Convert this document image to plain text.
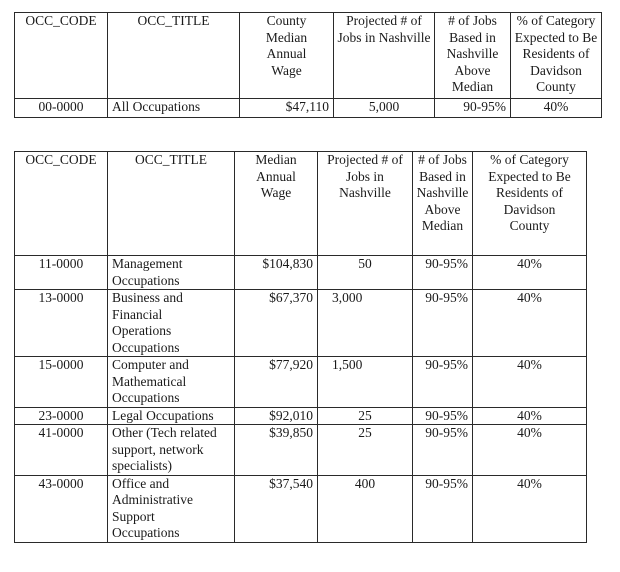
OCC_CODE	OCC_TITLE	County Median Annual Wage	Projected # of Jobs in Nashville	# of Jobs Based in Nashville Above Median	% of Category Expected to Be Residents of Davidson County
00-0000	All Occupations	$47,110	5,000	90-95%	40%
OCC_CODE	OCC_TITLE	Median Annual Wage	Projected # of Jobs in Nashville	# of Jobs Based in Nashville Above Median	% of Category Expected to Be Residents of Davidson County
11-0000	Management Occupations	$104,830	50	90-95%	40%
13-0000	Business and Financial Operations Occupations	$67,370	3,000	90-95%	40%
15-0000	Computer and Mathematical Occupations	$77,920	1,500	90-95%	40%
23-0000	Legal Occupations	$92,010	25	90-95%	40%
41-0000	Other (Tech related support, network specialists)	$39,850	25	90-95%	40%
43-0000	Office and Administrative Support Occupations	$37,540	400	90-95%	40%
